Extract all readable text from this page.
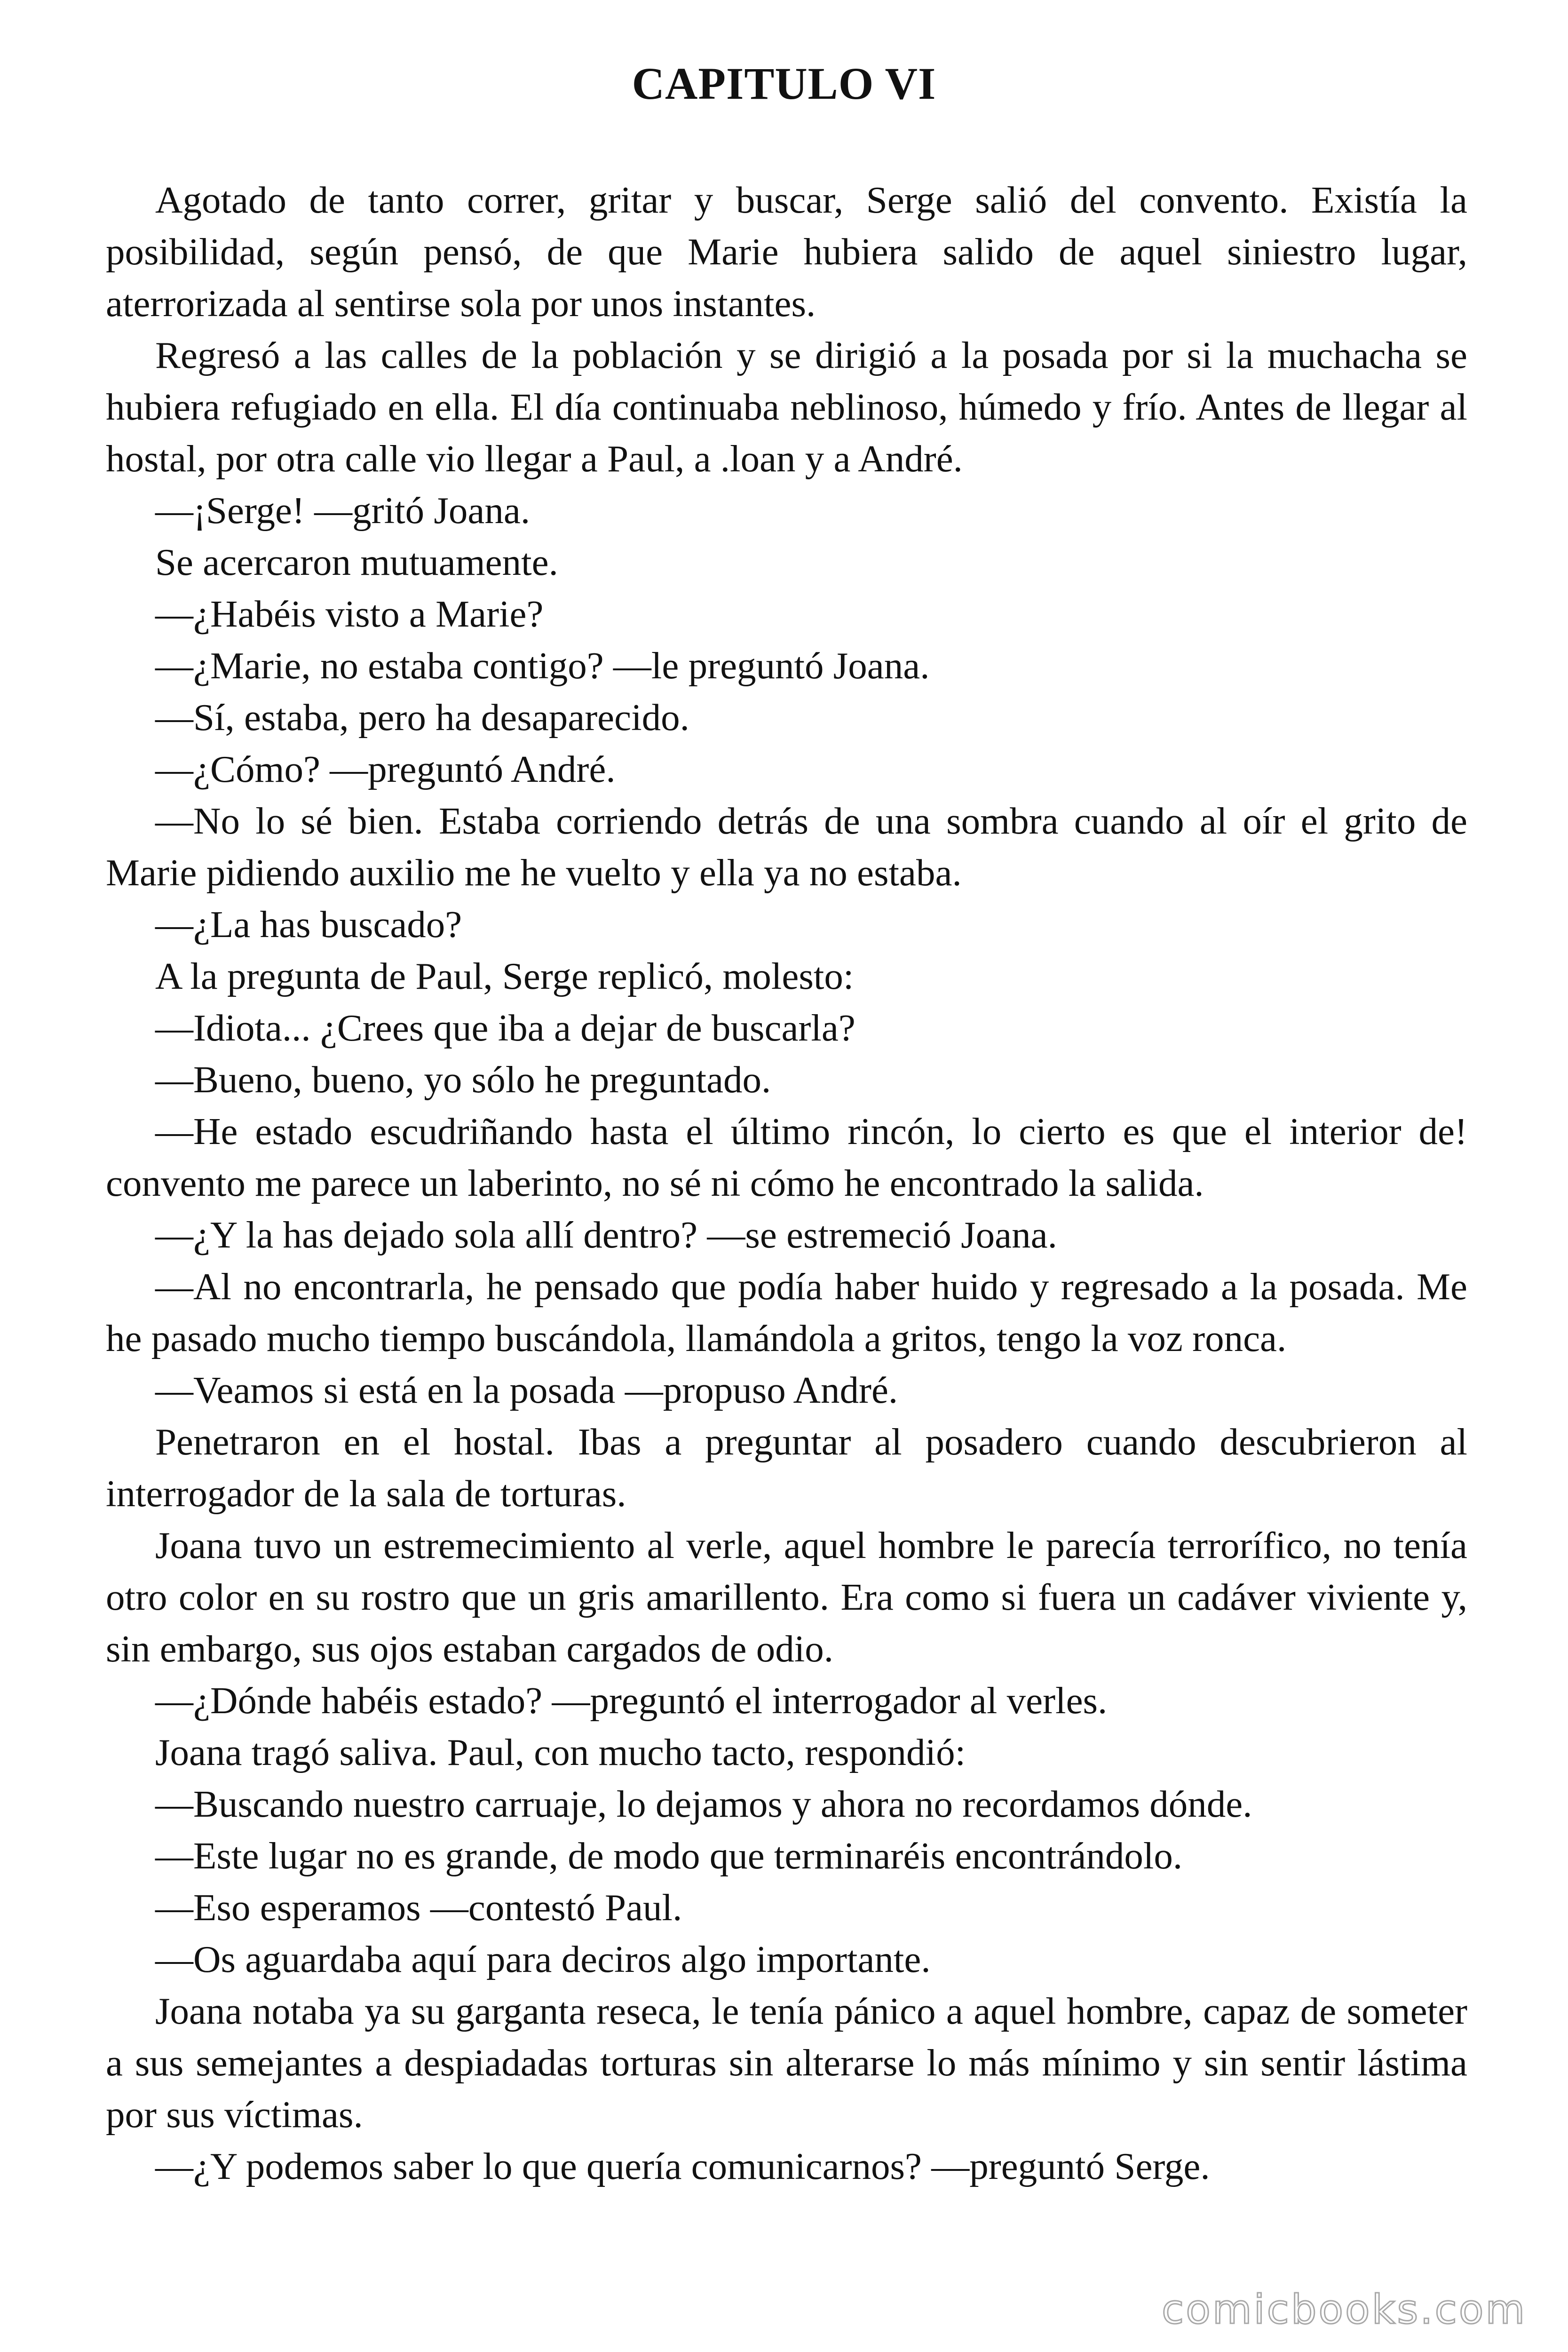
CAPITULO VI

Agotado de tanto correr, gritar y buscar, Serge salió del convento. Existía la posibilidad, según pensó, de que Marie hubiera salido de aquel siniestro lugar, aterrorizada al sentirse sola por unos instantes.

Regresó a las calles de la población y se dirigió a la posada por si la muchacha se hubiera refugiado en ella. El día continuaba neblinoso, húmedo y frío. Antes de llegar al hostal, por otra calle vio llegar a Paul, a .loan y a André.

—¡Serge! —gritó Joana.

Se acercaron mutuamente.

—¿Habéis visto a Marie?

—¿Marie, no estaba contigo? —le preguntó Joana.

—Sí, estaba, pero ha desaparecido.

—¿Cómo? —preguntó André.

—No lo sé bien. Estaba corriendo detrás de una sombra cuando al oír el grito de Marie pidiendo auxilio me he vuelto y ella ya no estaba.

—¿La has buscado?

A la pregunta de Paul, Serge replicó, molesto:

—Idiota... ¿Crees que iba a dejar de buscarla?

—Bueno, bueno, yo sólo he preguntado.

—He estado escudriñando hasta el último rincón, lo cierto es que el interior de! convento me parece un laberinto, no sé ni cómo he encontrado la salida.

—¿Y la has dejado sola allí dentro? —se estremeció Joana.

—Al no encontrarla, he pensado que podía haber huido y regresado a la posada. Me he pasado mucho tiempo buscándola, llamándola a gritos, tengo la voz ronca.

—Veamos si está en la posada —propuso André.

Penetraron en el hostal. Ibas a preguntar al posadero cuando descubrieron al interrogador de la sala de torturas.

Joana tuvo un estremecimiento al verle, aquel hombre le parecía terrorífico, no tenía otro color en su rostro que un gris amarillento. Era como si fuera un cadáver viviente y, sin embargo, sus ojos estaban cargados de odio.

—¿Dónde habéis estado? —preguntó el interrogador al verles.

Joana tragó saliva. Paul, con mucho tacto, respondió:

—Buscando nuestro carruaje, lo dejamos y ahora no recordamos dónde.

—Este lugar no es grande, de modo que terminaréis encontrándolo.

—Eso esperamos —contestó Paul.

—Os aguardaba aquí para deciros algo importante.

Joana notaba ya su garganta reseca, le tenía pánico a aquel hombre, capaz de someter a sus semejantes a despiadadas torturas sin alterarse lo más mínimo y sin sentir lástima por sus víctimas.

—¿Y podemos saber lo que quería comunicarnos? —preguntó Serge.

comicbooks.com
